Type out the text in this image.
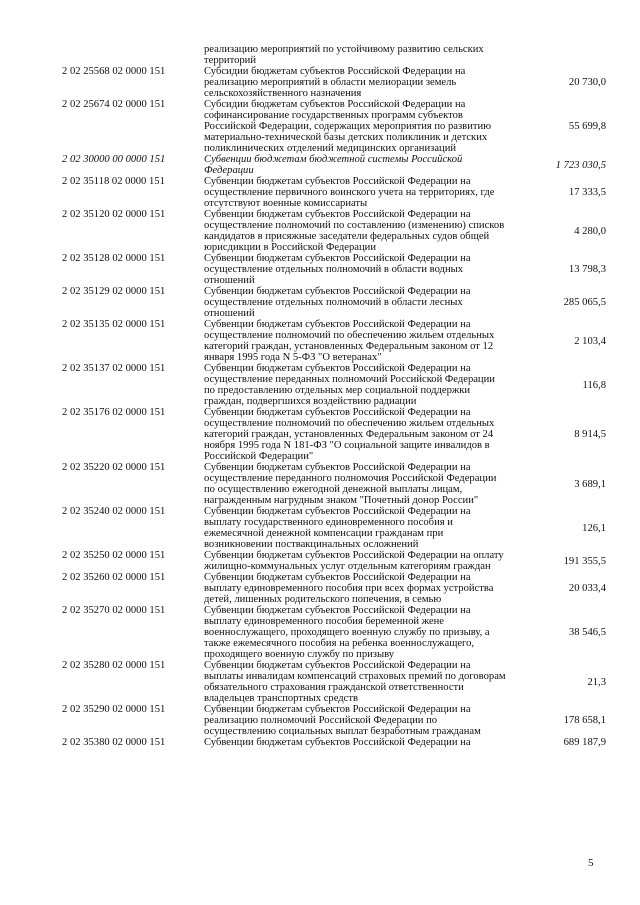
реализацию мероприятий по устойчивому развитию сельских
территорий
2 02 25568 02 0000 151	Субсидии бюджетам субъектов Российской Федерации на
реализацию мероприятий в области мелиорации земель
сельскохозяйственного назначения
20 730,0
2 02 25674 02 0000 151	Субсидии бюджетам субъектов Российской Федерации на
софинансирование государственных программ субъектов
Российской Федерации, содержащих мероприятия по развитию
материально-технической базы детских поликлиник и детских
поликлинических отделений медицинских организаций
55 699,8
2 02 30000 00 0000 151	Субвенции бюджетам бюджетной системы Российской
Федерации	1 723 030,5
2 02 35118 02 0000 151	Субвенции бюджетам субъектов Российской Федерации на
осуществление первичного воинского учета на территориях, где
отсутствуют военные комиссариаты
17 333,5
2 02 35120 02 0000 151	Субвенции бюджетам субъектов Российской Федерации на
осуществление полномочий по составлению (изменению) списков
кандидатов в присяжные заседатели федеральных судов общей
юрисдикции в Российской Федерации
4 280,0
2 02 35128 02 0000 151	Субвенции бюджетам субъектов Российской Федерации на
осуществление отдельных полномочий в области водных
отношений
13 798,3
2 02 35129 02 0000 151	Субвенции бюджетам субъектов Российской Федерации на
осуществление отдельных полномочий в области лесных
отношений
285 065,5
2 02 35135 02 0000 151	Субвенции бюджетам субъектов Российской Федерации на
осуществление полномочий по обеспечению жильем отдельных
категорий граждан, установленных Федеральным законом от 12
января 1995 года N 5-ФЗ "О ветеранах"
2 103,4
2 02 35137 02 0000 151	Субвенции бюджетам субъектов Российской Федерации на
осуществление переданных полномочий Российской Федерации
по предоставлению отдельных мер социальной поддержки
граждан, подвергшихся воздействию радиации
116,8
2 02 35176 02 0000 151	Субвенции бюджетам субъектов Российской Федерации на
осуществление полномочий по обеспечению жильем отдельных
категорий граждан, установленных Федеральным законом от 24
ноября 1995 года N 181-ФЗ "О социальной защите инвалидов в
Российской Федерации"
8 914,5
2 02 35220 02 0000 151	Субвенции бюджетам субъектов Российской Федерации на
осуществление переданного полномочия Российской Федерации
по осуществлению ежегодной денежной выплаты лицам,
награжденным нагрудным знаком "Почетный донор России"
3 689,1
2 02 35240 02 0000 151	Субвенции бюджетам субъектов Российской Федерации на
выплату государственного единовременного пособия и
ежемесячной денежной компенсации гражданам при
возникновении поствакцинальных осложнений
126,1
2 02 35250 02 0000 151	Субвенции бюджетам субъектов Российской Федерации на оплату
жилищно-коммунальных услуг отдельным категориям граждан	191 355,5
2 02 35260 02 0000 151	Субвенции бюджетам субъектов Российской Федерации на
выплату единовременного пособия при всех формах устройства
детей, лишенных родительского попечения, в семью
20 033,4
2 02 35270 02 0000 151	Субвенции бюджетам субъектов Российской Федерации на
выплату единовременного пособия беременной жене
военнослужащего, проходящего военную службу по призыву, а
также ежемесячного пособия на ребенка военнослужащего,
проходящего военную службу по призыву
38 546,5
2 02 35280 02 0000 151	Субвенции бюджетам субъектов Российской Федерации на
выплаты инвалидам компенсаций страховых премий по договорам
обязательного страхования гражданской ответственности
владельцев транспортных средств
21,3
2 02 35290 02 0000 151	Субвенции бюджетам субъектов Российской Федерации на
реализацию полномочий Российской Федерации по
осуществлению социальных выплат безработным гражданам
178 658,1
2 02 35380 02 0000 151	Субвенции бюджетам субъектов Российской Федерации на	689 187,9
5
